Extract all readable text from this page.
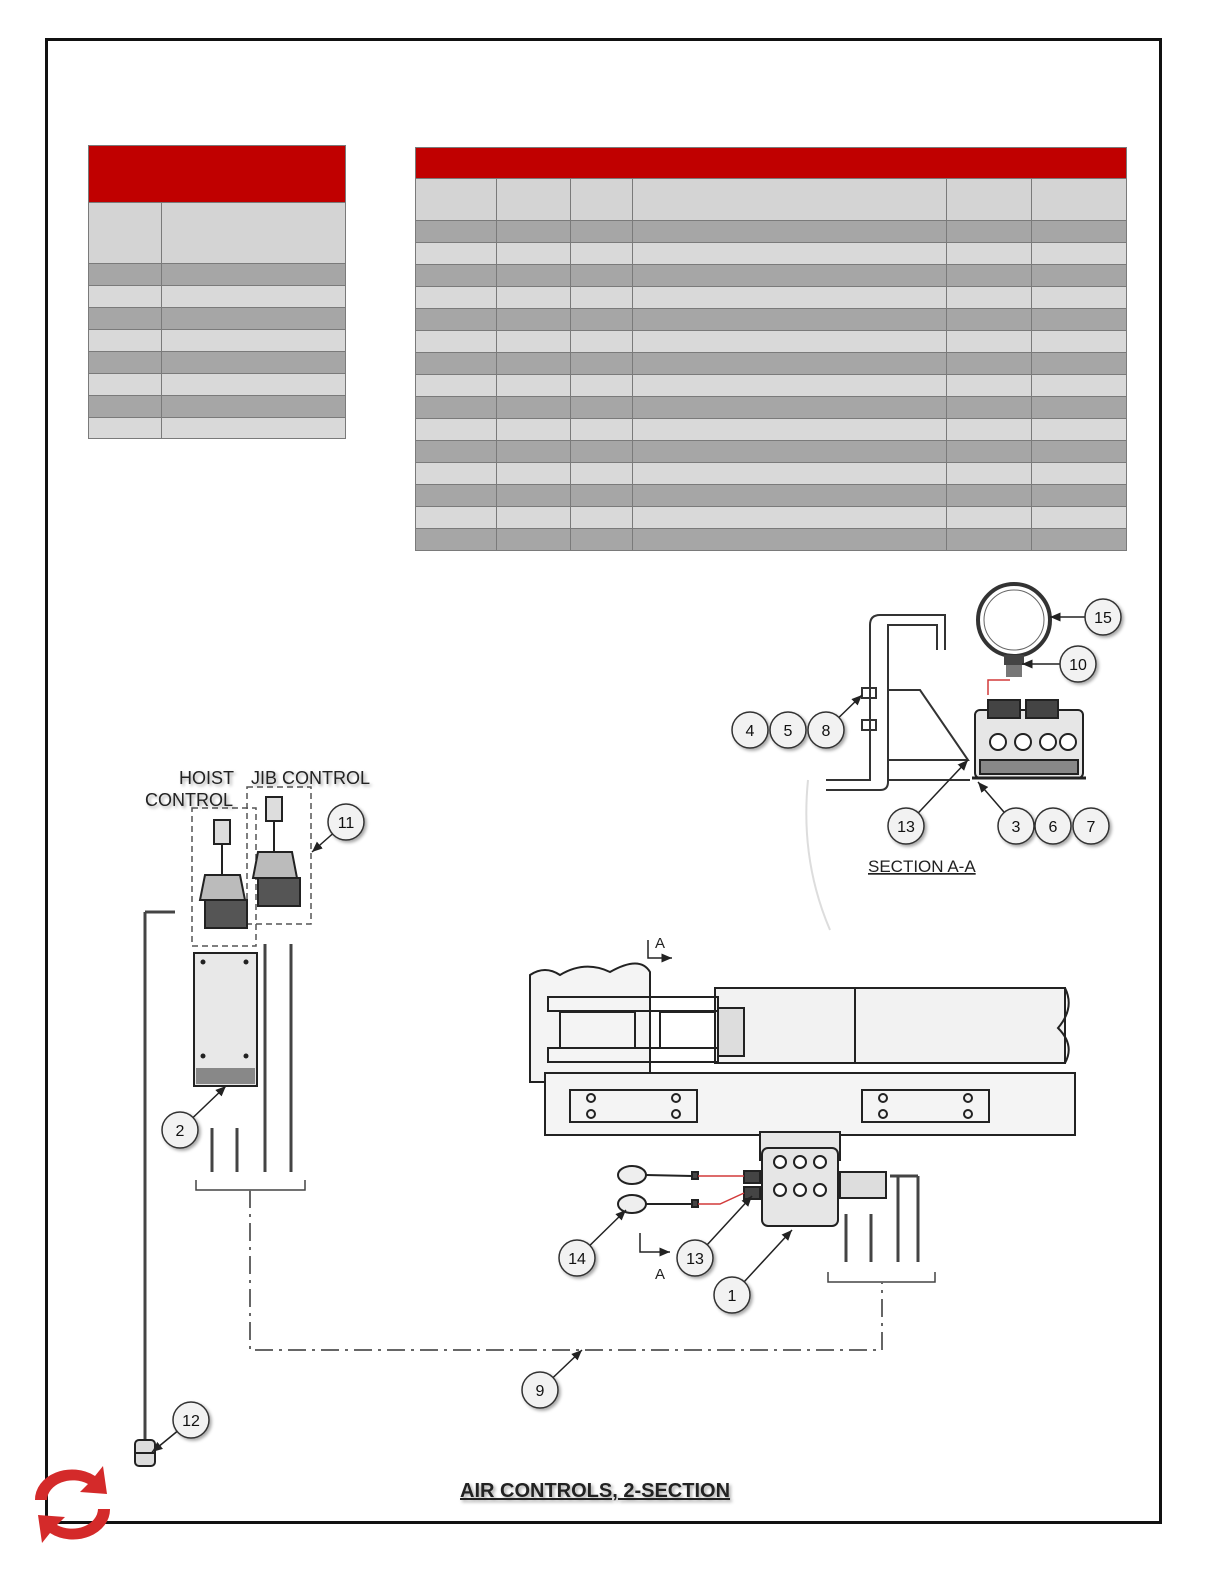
A
A
HOIST
CONTROL
JIB CONTROL
SECTION A-A
AIR CONTROLS, 2-SECTION
1
2
3
4 5
6 7
8
9
10
11
12
13
14
15
13
